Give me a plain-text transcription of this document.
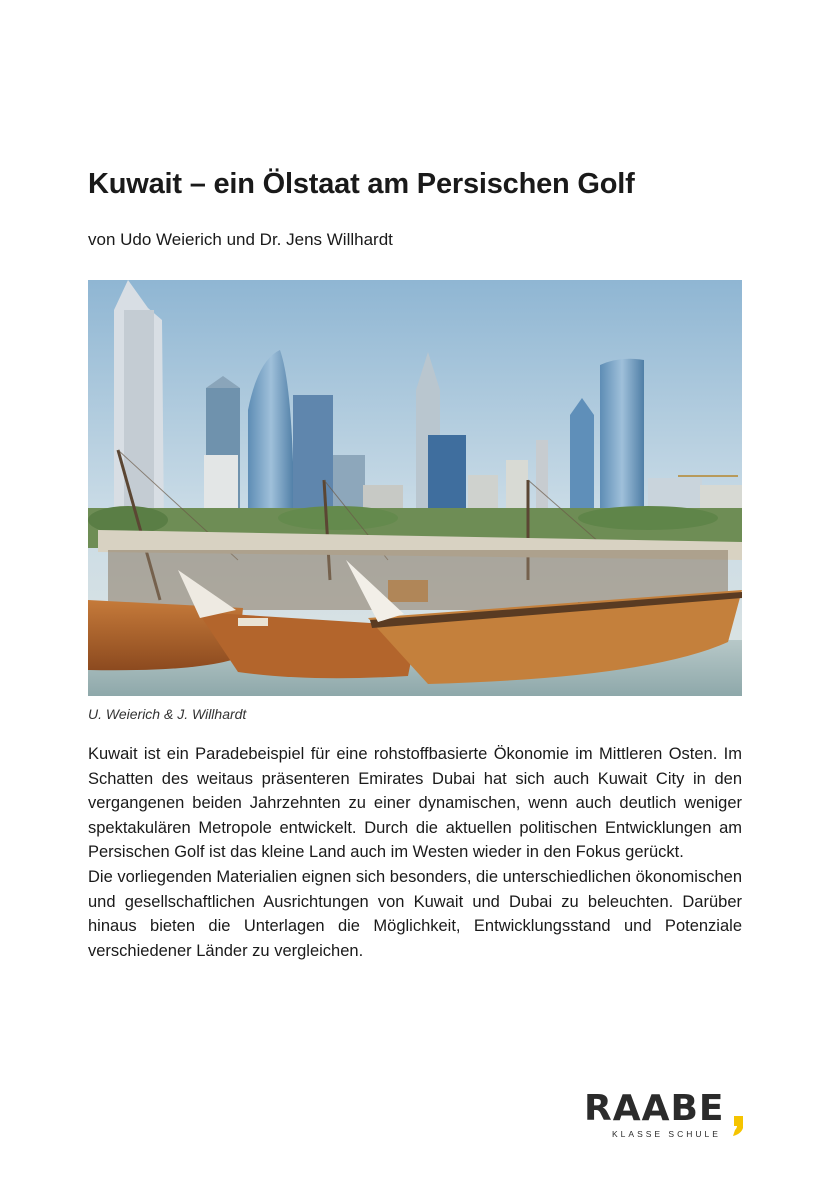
Kuwait – ein Ölstaat am Persischen Golf

von Udo Weierich und Dr. Jens Willhardt

U. Weierich & J. Willhardt

Kuwait ist ein Paradebeispiel für eine rohstoffbasierte Ökonomie im Mittleren Osten. Im Schatten des weitaus präsenteren Emirates Dubai hat sich auch Kuwait City in den vergangenen beiden Jahrzehnten zu einer dynamischen, wenn auch deutlich weniger spektakulären Metropole entwickelt. Durch die aktuellen politischen Entwicklungen am Persischen Golf ist das kleine Land auch im Westen wieder in den Fokus gerückt.

Die vorliegenden Materialien eignen sich besonders, die unterschiedlichen ökonomischen und gesellschaftlichen Ausrichtungen von Kuwait und Dubai zu beleuchten. Darüber hinaus bieten die Unterlagen die Möglichkeit, Entwicklungsstand und Potenziale verschiedener Länder zu vergleichen.

RAABE
KLASSE SCHULE
